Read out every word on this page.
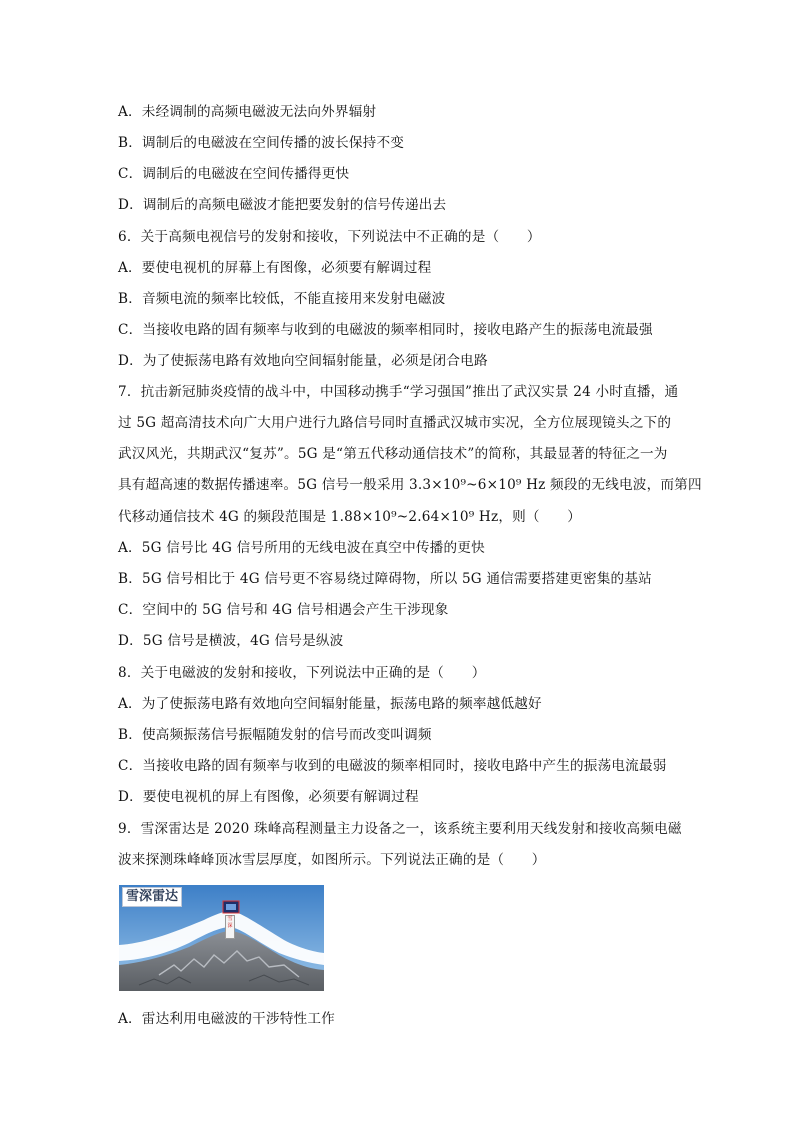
A．未经调制的高频电磁波无法向外界辐射
B．调制后的电磁波在空间传播的波长保持不变
C．调制后的电磁波在空间传播得更快
D．调制后的高频电磁波才能把要发射的信号传递出去
6．关于高频电视信号的发射和接收，下列说法中不正确的是（　　）
A．要使电视机的屏幕上有图像，必须要有解调过程
B．音频电流的频率比较低，不能直接用来发射电磁波
C．当接收电路的固有频率与收到的电磁波的频率相同时，接收电路产生的振荡电流最强
D．为了使振荡电路有效地向空间辐射能量，必须是闭合电路
7．抗击新冠肺炎疫情的战斗中，中国移动携手“学习强国”推出了武汉实景 24 小时直播，通
过 5G 超高清技术向广大用户进行九路信号同时直播武汉城市实况，全方位展现镜头之下的
武汉风光，共期武汉“复苏”。5G 是“第五代移动通信技术”的简称，其最显著的特征之一为
具有超高速的数据传播速率。5G 信号一般采用 3.3×10⁹~6×10⁹ Hz 频段的无线电波，而第四
代移动通信技术 4G 的频段范围是 1.88×10⁹~2.64×10⁹ Hz，则（　　）
A．5G 信号比 4G 信号所用的无线电波在真空中传播的更快
B．5G 信号相比于 4G 信号更不容易绕过障碍物，所以 5G 通信需要搭建更密集的基站
C．空间中的 5G 信号和 4G 信号相遇会产生干涉现象
D．5G 信号是横波，4G 信号是纵波
8．关于电磁波的发射和接收，下列说法中正确的是（　　）
A．为了使振荡电路有效地向空间辐射能量，振荡电路的频率越低越好
B．使高频振荡信号振幅随发射的信号而改变叫调频
C．当接收电路的固有频率与收到的电磁波的频率相同时，接收电路中产生的振荡电流最弱
D．要使电视机的屏上有图像，必须要有解调过程
9．雪深雷达是 2020 珠峰高程测量主力设备之一，该系统主要利用天线发射和接收高频电磁
波来探测珠峰峰顶冰雪层厚度，如图所示。下列说法正确的是（　　）
雪深雷达
雪深
A．雷达利用电磁波的干涉特性工作
